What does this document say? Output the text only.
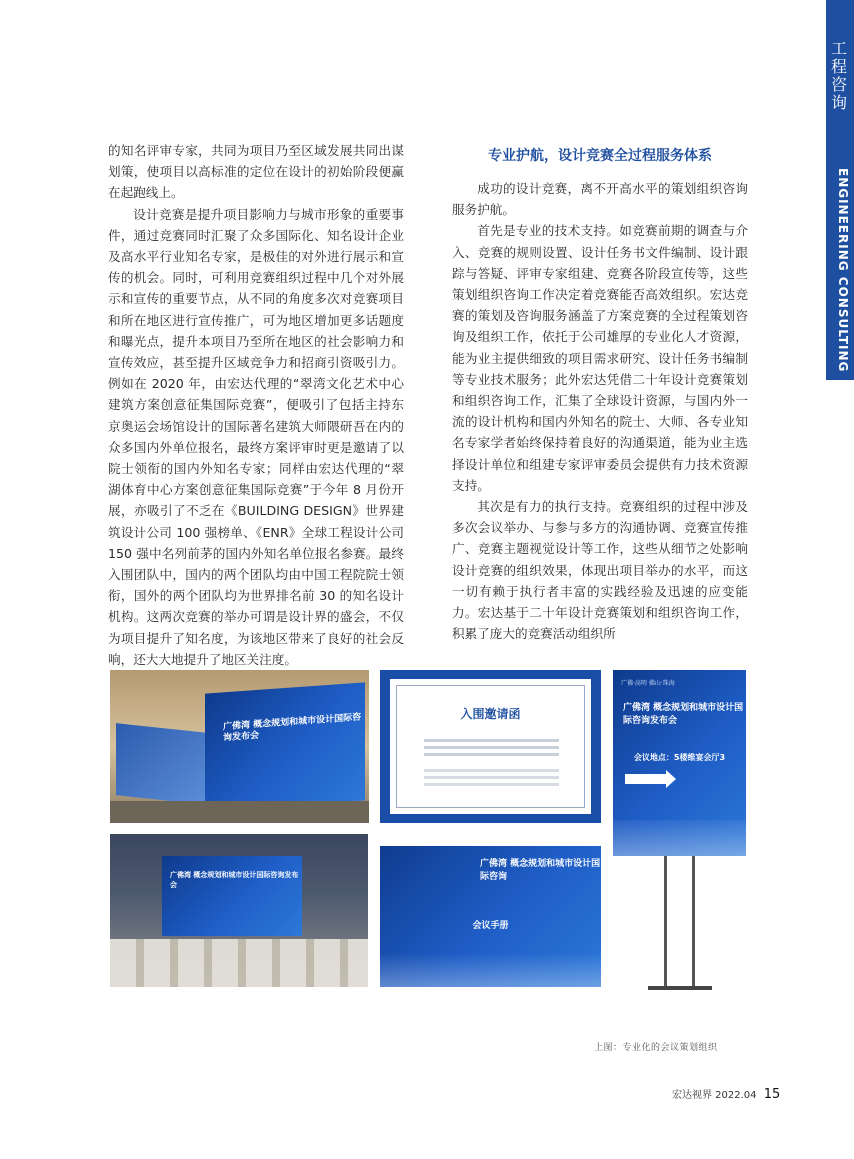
工
程
咨
询
ENGINEERING CONSULTING

的知名评审专家，共同为项目乃至区域发展共同出谋划策，使项目以高标准的定位在设计的初始阶段便赢在起跑线上。

设计竞赛是提升项目影响力与城市形象的重要事件，通过竞赛同时汇聚了众多国际化、知名设计企业及高水平行业知名专家，是极佳的对外进行展示和宣传的机会。同时，可利用竞赛组织过程中几个对外展示和宣传的重要节点，从不同的角度多次对竞赛项目和所在地区进行宣传推广，可为地区增加更多话题度和曝光点，提升本项目乃至所在地区的社会影响力和宣传效应，甚至提升区域竞争力和招商引资吸引力。例如在 2020 年，由宏达代理的“翠湾文化艺术中心建筑方案创意征集国际竞赛”，便吸引了包括主持东京奥运会场馆设计的国际著名建筑大师隈研吾在内的众多国内外单位报名，最终方案评审时更是邀请了以院士领衔的国内外知名专家；同样由宏达代理的“翠湖体育中心方案创意征集国际竞赛”于今年 8 月份开展，亦吸引了不乏在《BUILDING DESIGN》世界建筑设计公司 100 强榜单、《ENR》全球工程设计公司 150 强中名列前茅的国内外知名单位报名参赛。最终入围团队中，国内的两个团队均由中国工程院院士领衔，国外的两个团队均为世界排名前 30 的知名设计机构。这两次竞赛的举办可谓是设计界的盛会，不仅为项目提升了知名度，为该地区带来了良好的社会反响，还大大地提升了地区关注度。

专业护航，设计竞赛全过程服务体系

成功的设计竞赛，离不开高水平的策划组织咨询服务护航。

首先是专业的技术支持。如竞赛前期的调查与介入、竞赛的规则设置、设计任务书文件编制、设计跟踪与答疑、评审专家组建、竞赛各阶段宣传等，这些策划组织咨询工作决定着竞赛能否高效组织。宏达竞赛的策划及咨询服务涵盖了方案竞赛的全过程策划咨询及组织工作，依托于公司雄厚的专业化人才资源，能为业主提供细致的项目需求研究、设计任务书编制等专业技术服务；此外宏达凭借二十年设计竞赛策划和组织咨询工作，汇集了全球设计资源，与国内外一流的设计机构和国内外知名的院士、大师、各专业知名专家学者始终保持着良好的沟通渠道，能为业主选择设计单位和组建专家评审委员会提供有力技术资源支持。

其次是有力的执行支持。竞赛组织的过程中涉及多次会议举办、与参与多方的沟通协调、竞赛宣传推广、竞赛主题视觉设计等工作，这些从细节之处影响设计竞赛的组织效果，体现出项目举办的水平，而这一切有赖于执行者丰富的实践经验及迅速的应变能力。宏达基于二十年设计竞赛策划和组织咨询工作，积累了庞大的竞赛活动组织所

广佛湾 概念规划和城市设计国际咨询发布会
入围邀请函
广佛·高明 佛山·珠海
广佛湾 概念规划和城市设计国际咨询发布会
会议地点：5楼维宴会厅3
广佛湾 概念规划和城市设计国际咨询发布会
广佛湾 概念规划和城市设计国际咨询
会议手册
上图：专业化的会议策划组织
宏达视界 2022.04 15
